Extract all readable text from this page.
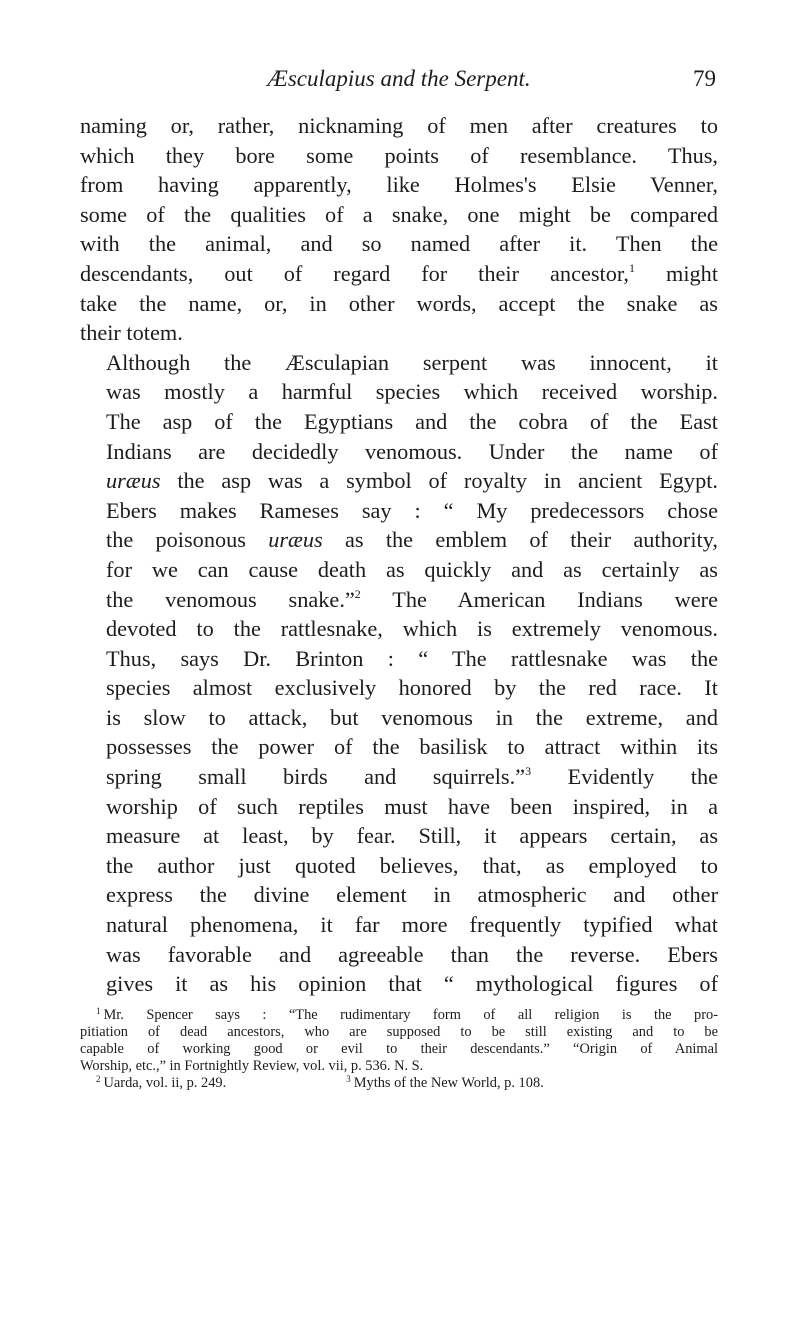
Æsculapius and the Serpent.	79

naming or, rather, nicknaming of men after creatures to
which they bore some points of resemblance. Thus,
from having apparently, like Holmes's Elsie Venner,
some of the qualities of a snake, one might be compared
with the animal, and so named after it. Then the
descendants, out of regard for their ancestor,$^1$ might
take the name, or, in other words, accept the snake as
their totem.

Although the Æsculapian serpent was innocent, it
was mostly a harmful species which received worship.
The asp of the Egyptians and the cobra of the East
Indians are decidedly venomous. Under the name of
uræus the asp was a symbol of royalty in ancient Egypt.
Ebers makes Rameses say : “ My predecessors chose
the poisonous uræus as the emblem of their authority,
for we can cause death as quickly and as certainly as
the venomous snake.”$^2$ The American Indians were
devoted to the rattlesnake, which is extremely venomous.
Thus, says Dr. Brinton : “ The rattlesnake was the
species almost exclusively honored by the red race. It
is slow to attack, but venomous in the extreme, and
possesses the power of the basilisk to attract within its
spring small birds and squirrels.”$^3$ Evidently the
worship of such reptiles must have been inspired, in a
measure at least, by fear. Still, it appears certain, as
the author just quoted believes, that, as employed to
express the divine element in atmospheric and other
natural phenomena, it far more frequently typified what
was favorable and agreeable than the reverse. Ebers
gives it as his opinion that “ mythological figures of

$^1$ Mr. Spencer says : “The rudimentary form of all religion is the pro-
pitiation of dead ancestors, who are supposed to be still existing and to be
capable of working good or evil to their descendants.” “Origin of Animal
Worship, etc.,” in Fortnightly Review, vol. vii, p. 536. N. S.
$^2$ Uarda, vol. ii, p. 249.	$^3$ Myths of the New World, p. 108.
